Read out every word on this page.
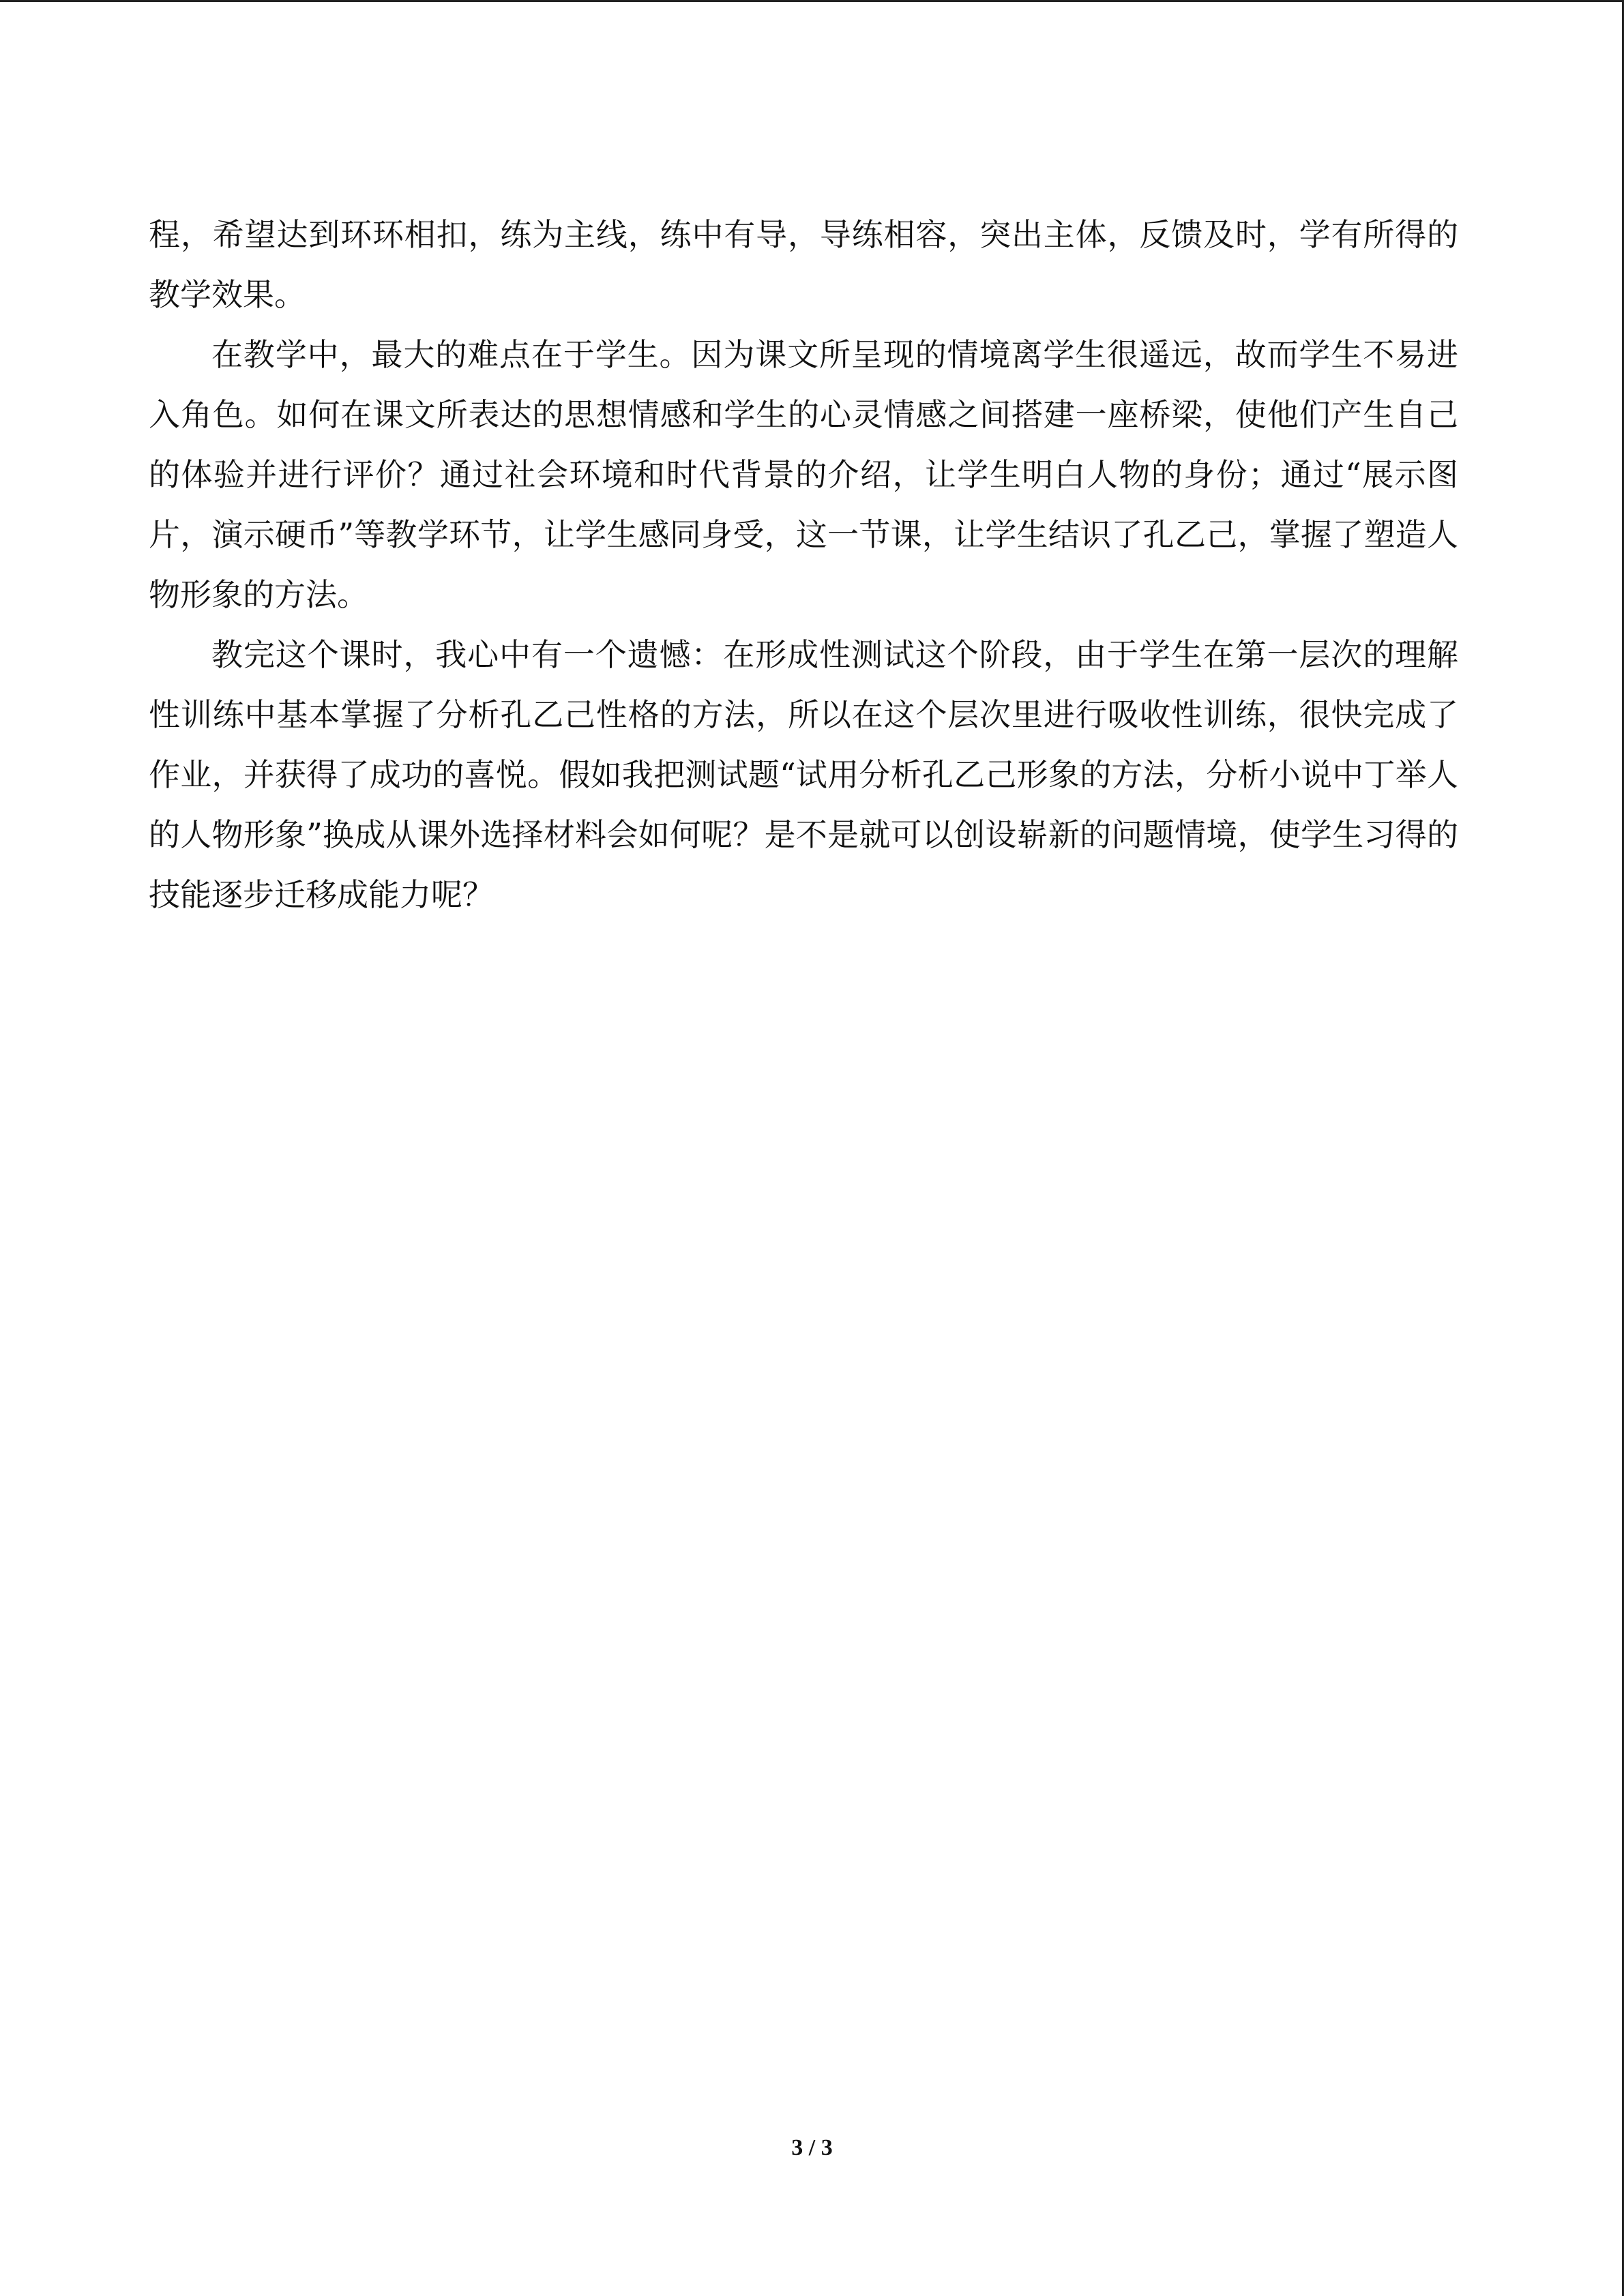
程，希望达到环环相扣，练为主线，练中有导，导练相容，突出主体，反馈及时，学有所得的教学效果。

在教学中，最大的难点在于学生。因为课文所呈现的情境离学生很遥远，故而学生不易进入角色。如何在课文所表达的思想情感和学生的心灵情感之间搭建一座桥梁，使他们产生自己的体验并进行评价？通过社会环境和时代背景的介绍，让学生明白人物的身份；通过“展示图片，演示硬币”等教学环节，让学生感同身受，这一节课，让学生结识了孔乙己，掌握了塑造人物形象的方法。

教完这个课时，我心中有一个遗憾：在形成性测试这个阶段，由于学生在第一层次的理解性训练中基本掌握了分析孔乙己性格的方法，所以在这个层次里进行吸收性训练，很快完成了作业，并获得了成功的喜悦。假如我把测试题“试用分析孔乙己形象的方法，分析小说中丁举人的人物形象”换成从课外选择材料会如何呢？是不是就可以创设崭新的问题情境，使学生习得的技能逐步迁移成能力呢？

3 / 3
